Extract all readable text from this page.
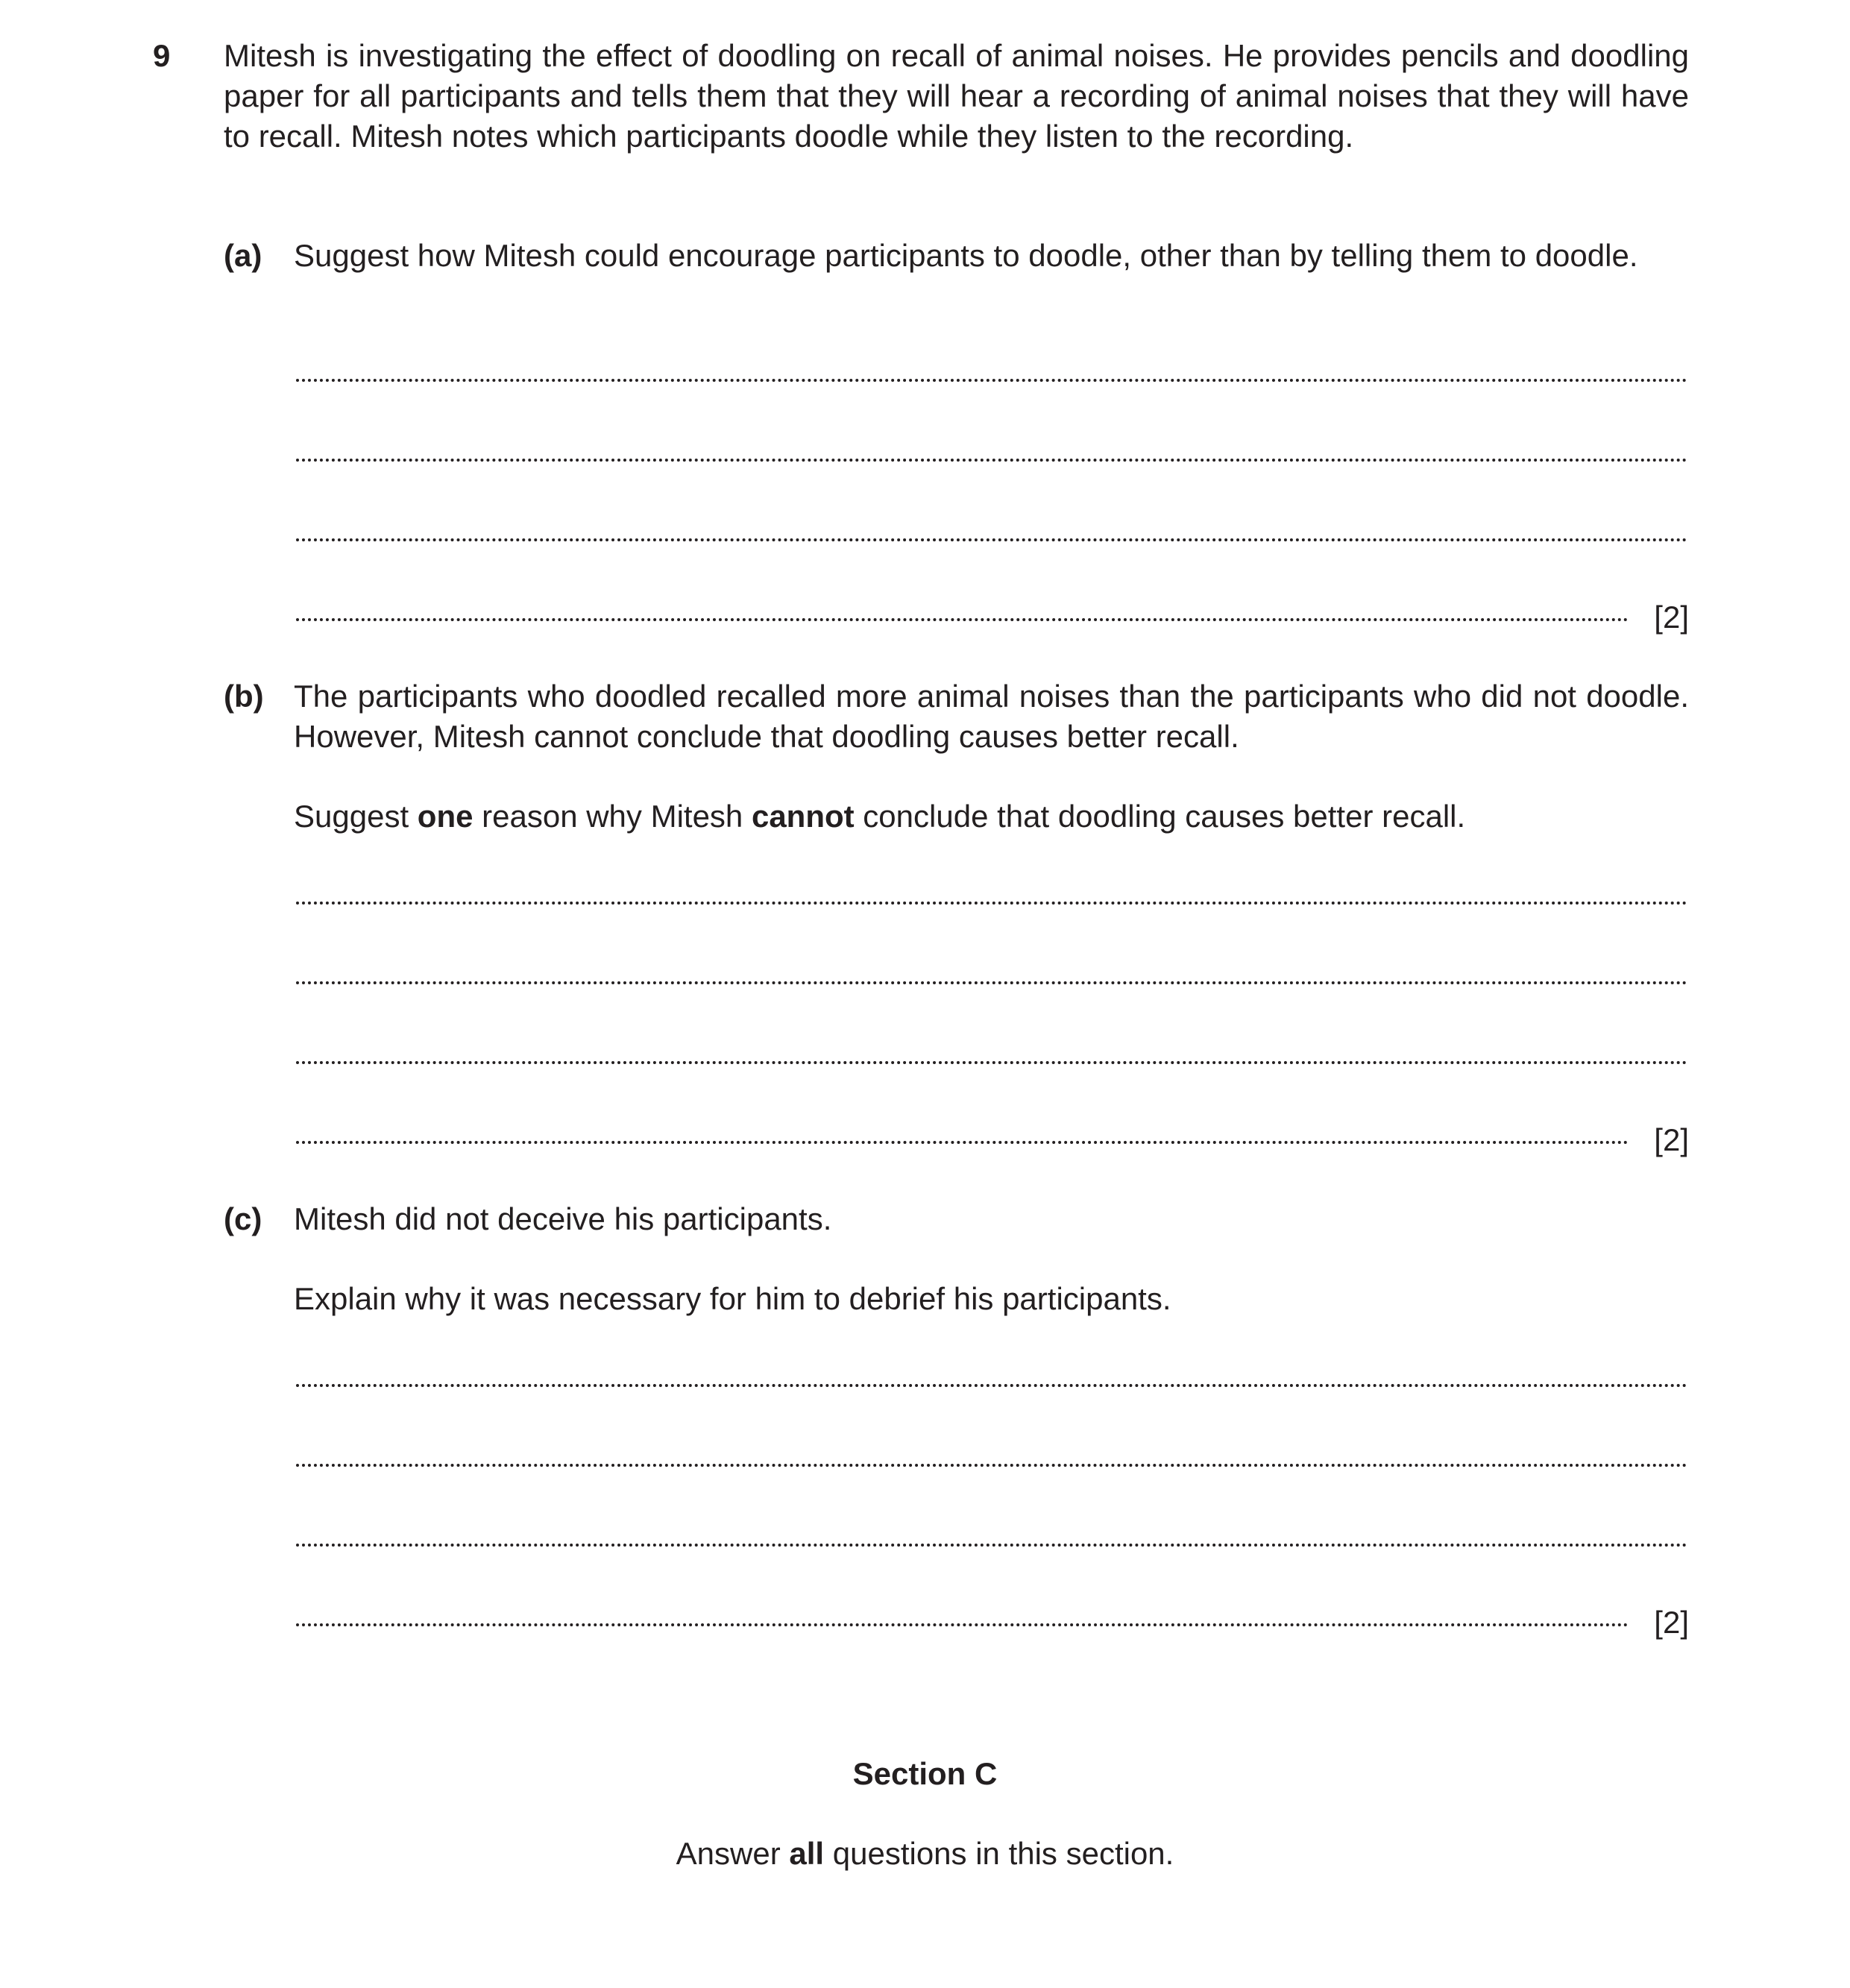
9 Mitesh is investigating the effect of doodling on recall of animal noises. He provides pencils and doodling paper for all participants and tells them that they will hear a recording of animal noises that they will have to recall. Mitesh notes which participants doodle while they listen to the recording.
(a) Suggest how Mitesh could encourage participants to doodle, other than by telling them to doodle.
[2]
(b) The participants who doodled recalled more animal noises than the participants who did not doodle. However, Mitesh cannot conclude that doodling causes better recall.
Suggest one reason why Mitesh cannot conclude that doodling causes better recall.
[2]
(c) Mitesh did not deceive his participants.
Explain why it was necessary for him to debrief his participants.
[2]
Section C
Answer all questions in this section.
